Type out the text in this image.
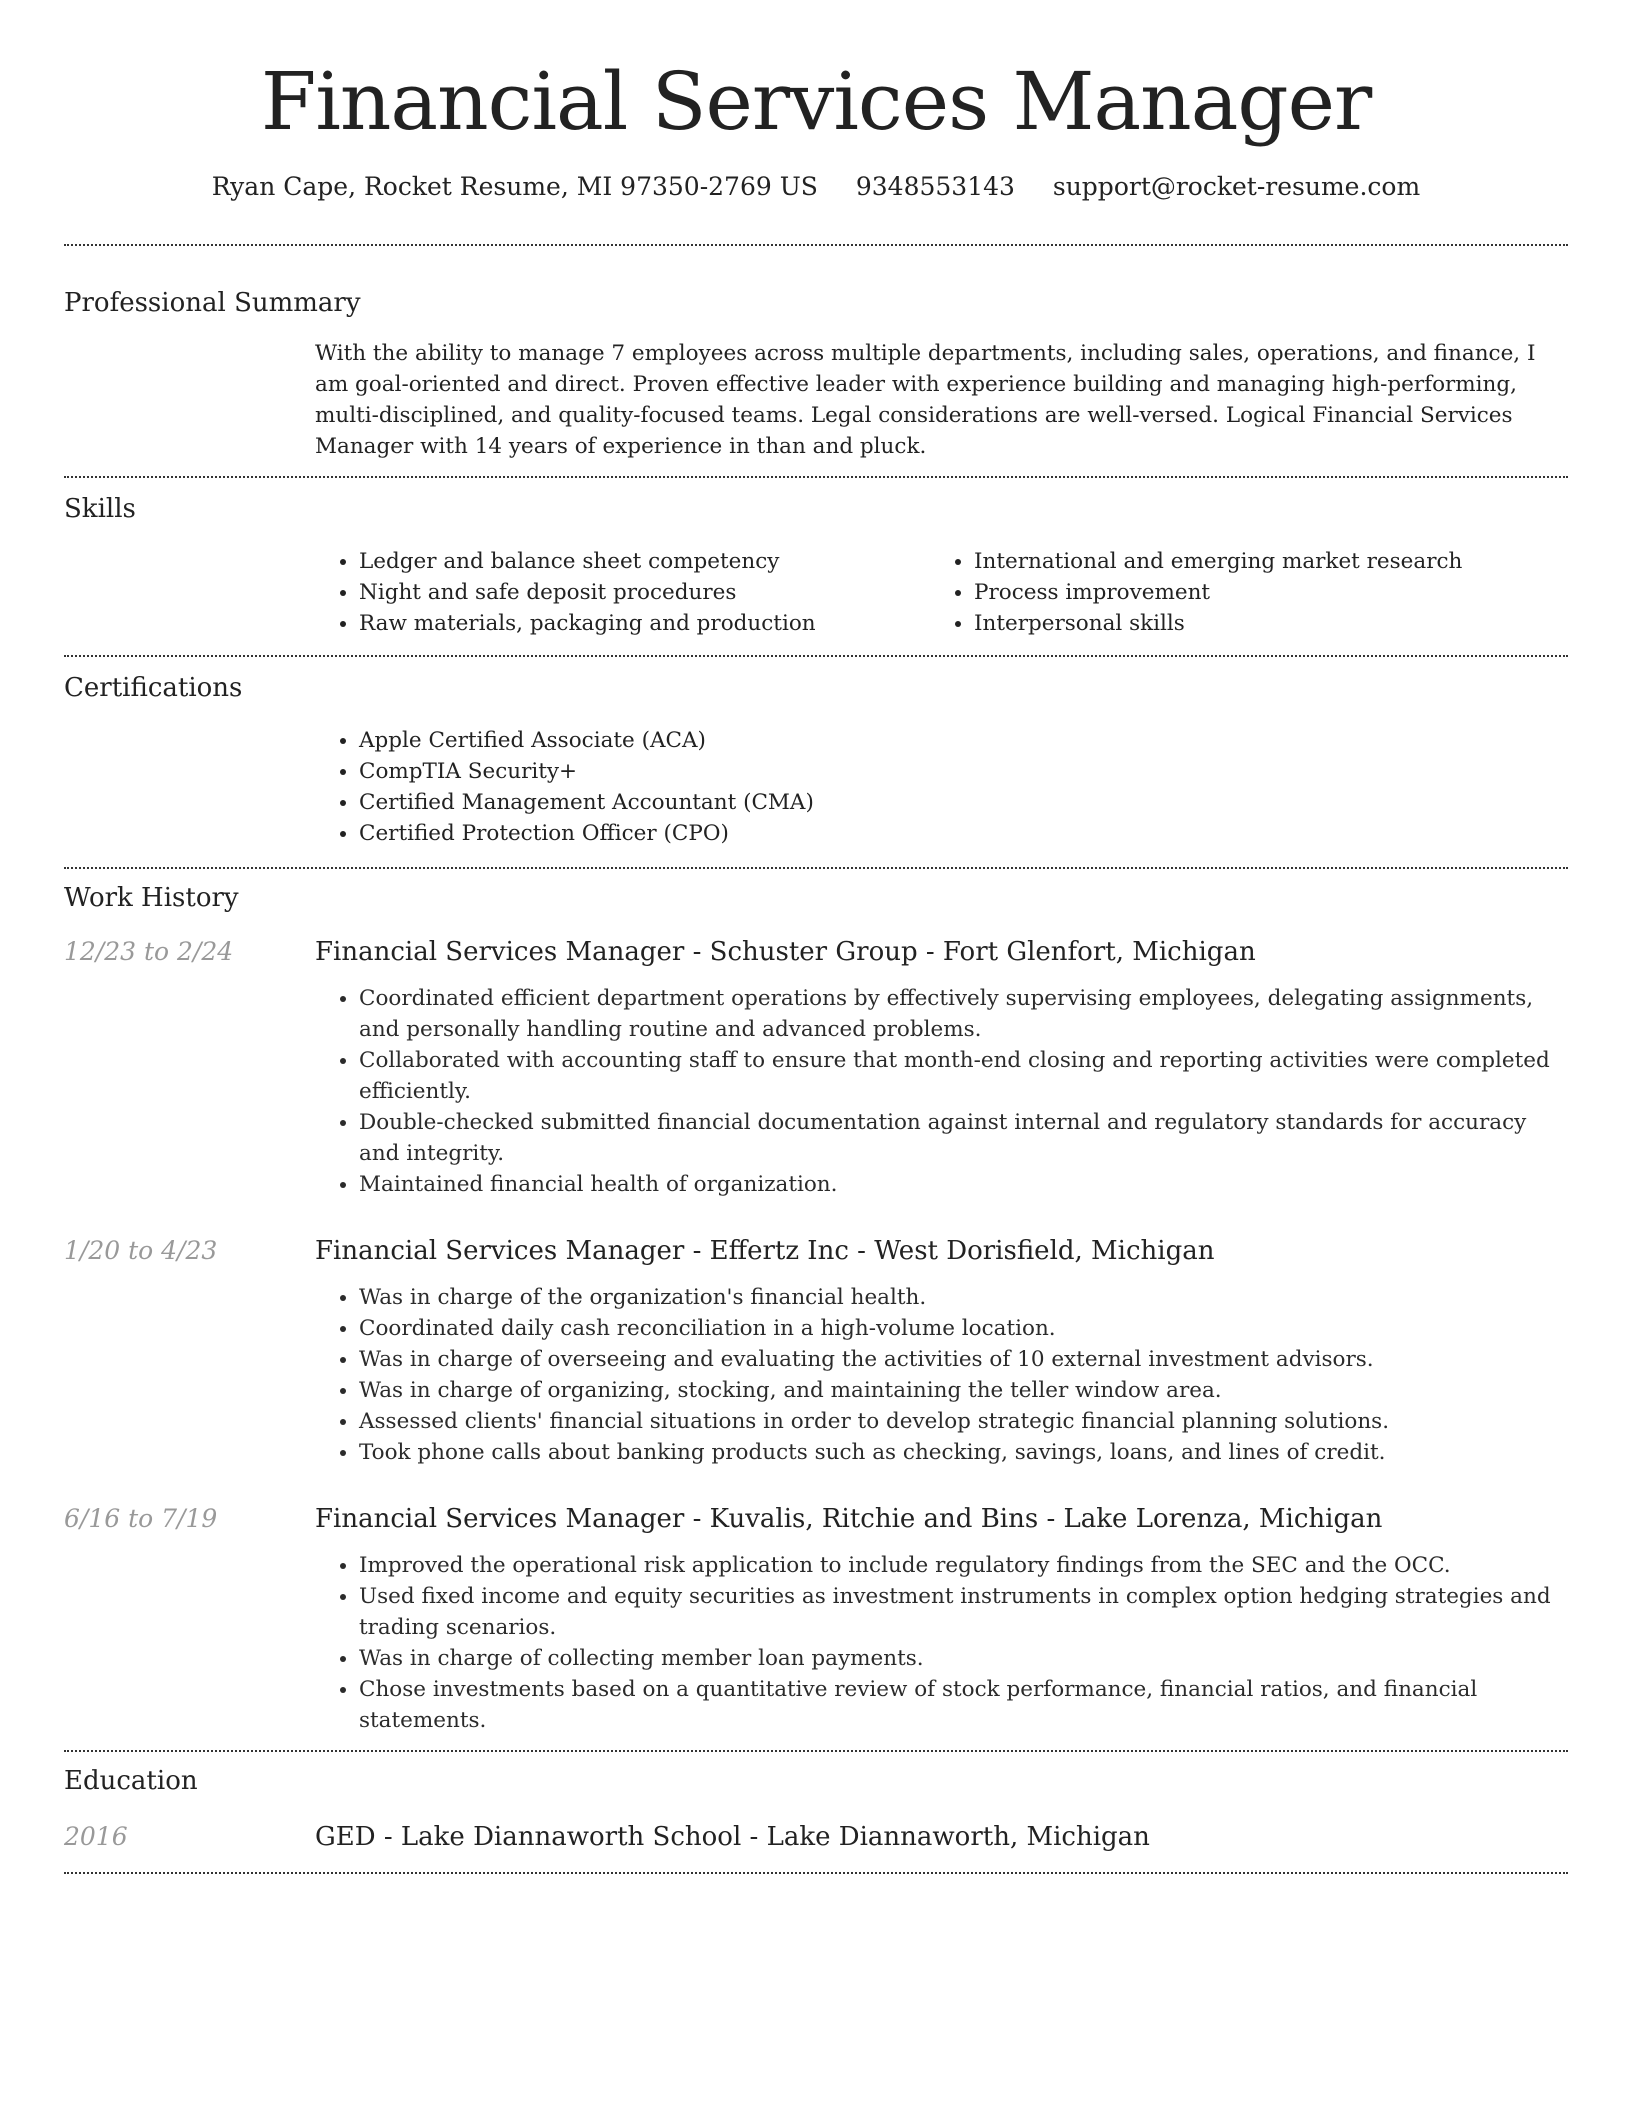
Financial Services Manager
Ryan Cape, Rocket Resume, MI 97350-2769 US 9348553143 support@rocket-resume.com
Professional Summary

With the ability to manage 7 employees across multiple departments, including sales, operations, and finance, I am goal-oriented and direct. Proven effective leader with experience building and managing high-performing, multi-disciplined, and quality-focused teams. Legal considerations are well-versed. Logical Financial Services Manager with 14 years of experience in than and pluck.

Skills
• Ledger and balance sheet competency
• Night and safe deposit procedures
• Raw materials, packaging and production
• International and emerging market research
• Process improvement
• Interpersonal skills
Certifications
• Apple Certified Associate (ACA)
• CompTIA Security+
• Certified Management Accountant (CMA)
• Certified Protection Officer (CPO)
Work History
12/23 to 2/24	Financial Services Manager - Schuster Group - Fort Glenfort, Michigan
• Coordinated efficient department operations by effectively supervising employees, delegating assignments, and personally handling routine and advanced problems.
• Collaborated with accounting staff to ensure that month-end closing and reporting activities were completed efficiently.
• Double-checked submitted financial documentation against internal and regulatory standards for accuracy and integrity.
• Maintained financial health of organization.
1/20 to 4/23	Financial Services Manager - Effertz Inc - West Dorisfield, Michigan
• Was in charge of the organization's financial health.
• Coordinated daily cash reconciliation in a high-volume location.
• Was in charge of overseeing and evaluating the activities of 10 external investment advisors.
• Was in charge of organizing, stocking, and maintaining the teller window area.
• Assessed clients' financial situations in order to develop strategic financial planning solutions.
• Took phone calls about banking products such as checking, savings, loans, and lines of credit.
6/16 to 7/19	Financial Services Manager - Kuvalis, Ritchie and Bins - Lake Lorenza, Michigan
• Improved the operational risk application to include regulatory findings from the SEC and the OCC.
• Used fixed income and equity securities as investment instruments in complex option hedging strategies and trading scenarios.
• Was in charge of collecting member loan payments.
• Chose investments based on a quantitative review of stock performance, financial ratios, and financial statements.
Education
2016	GED - Lake Diannaworth School - Lake Diannaworth, Michigan
